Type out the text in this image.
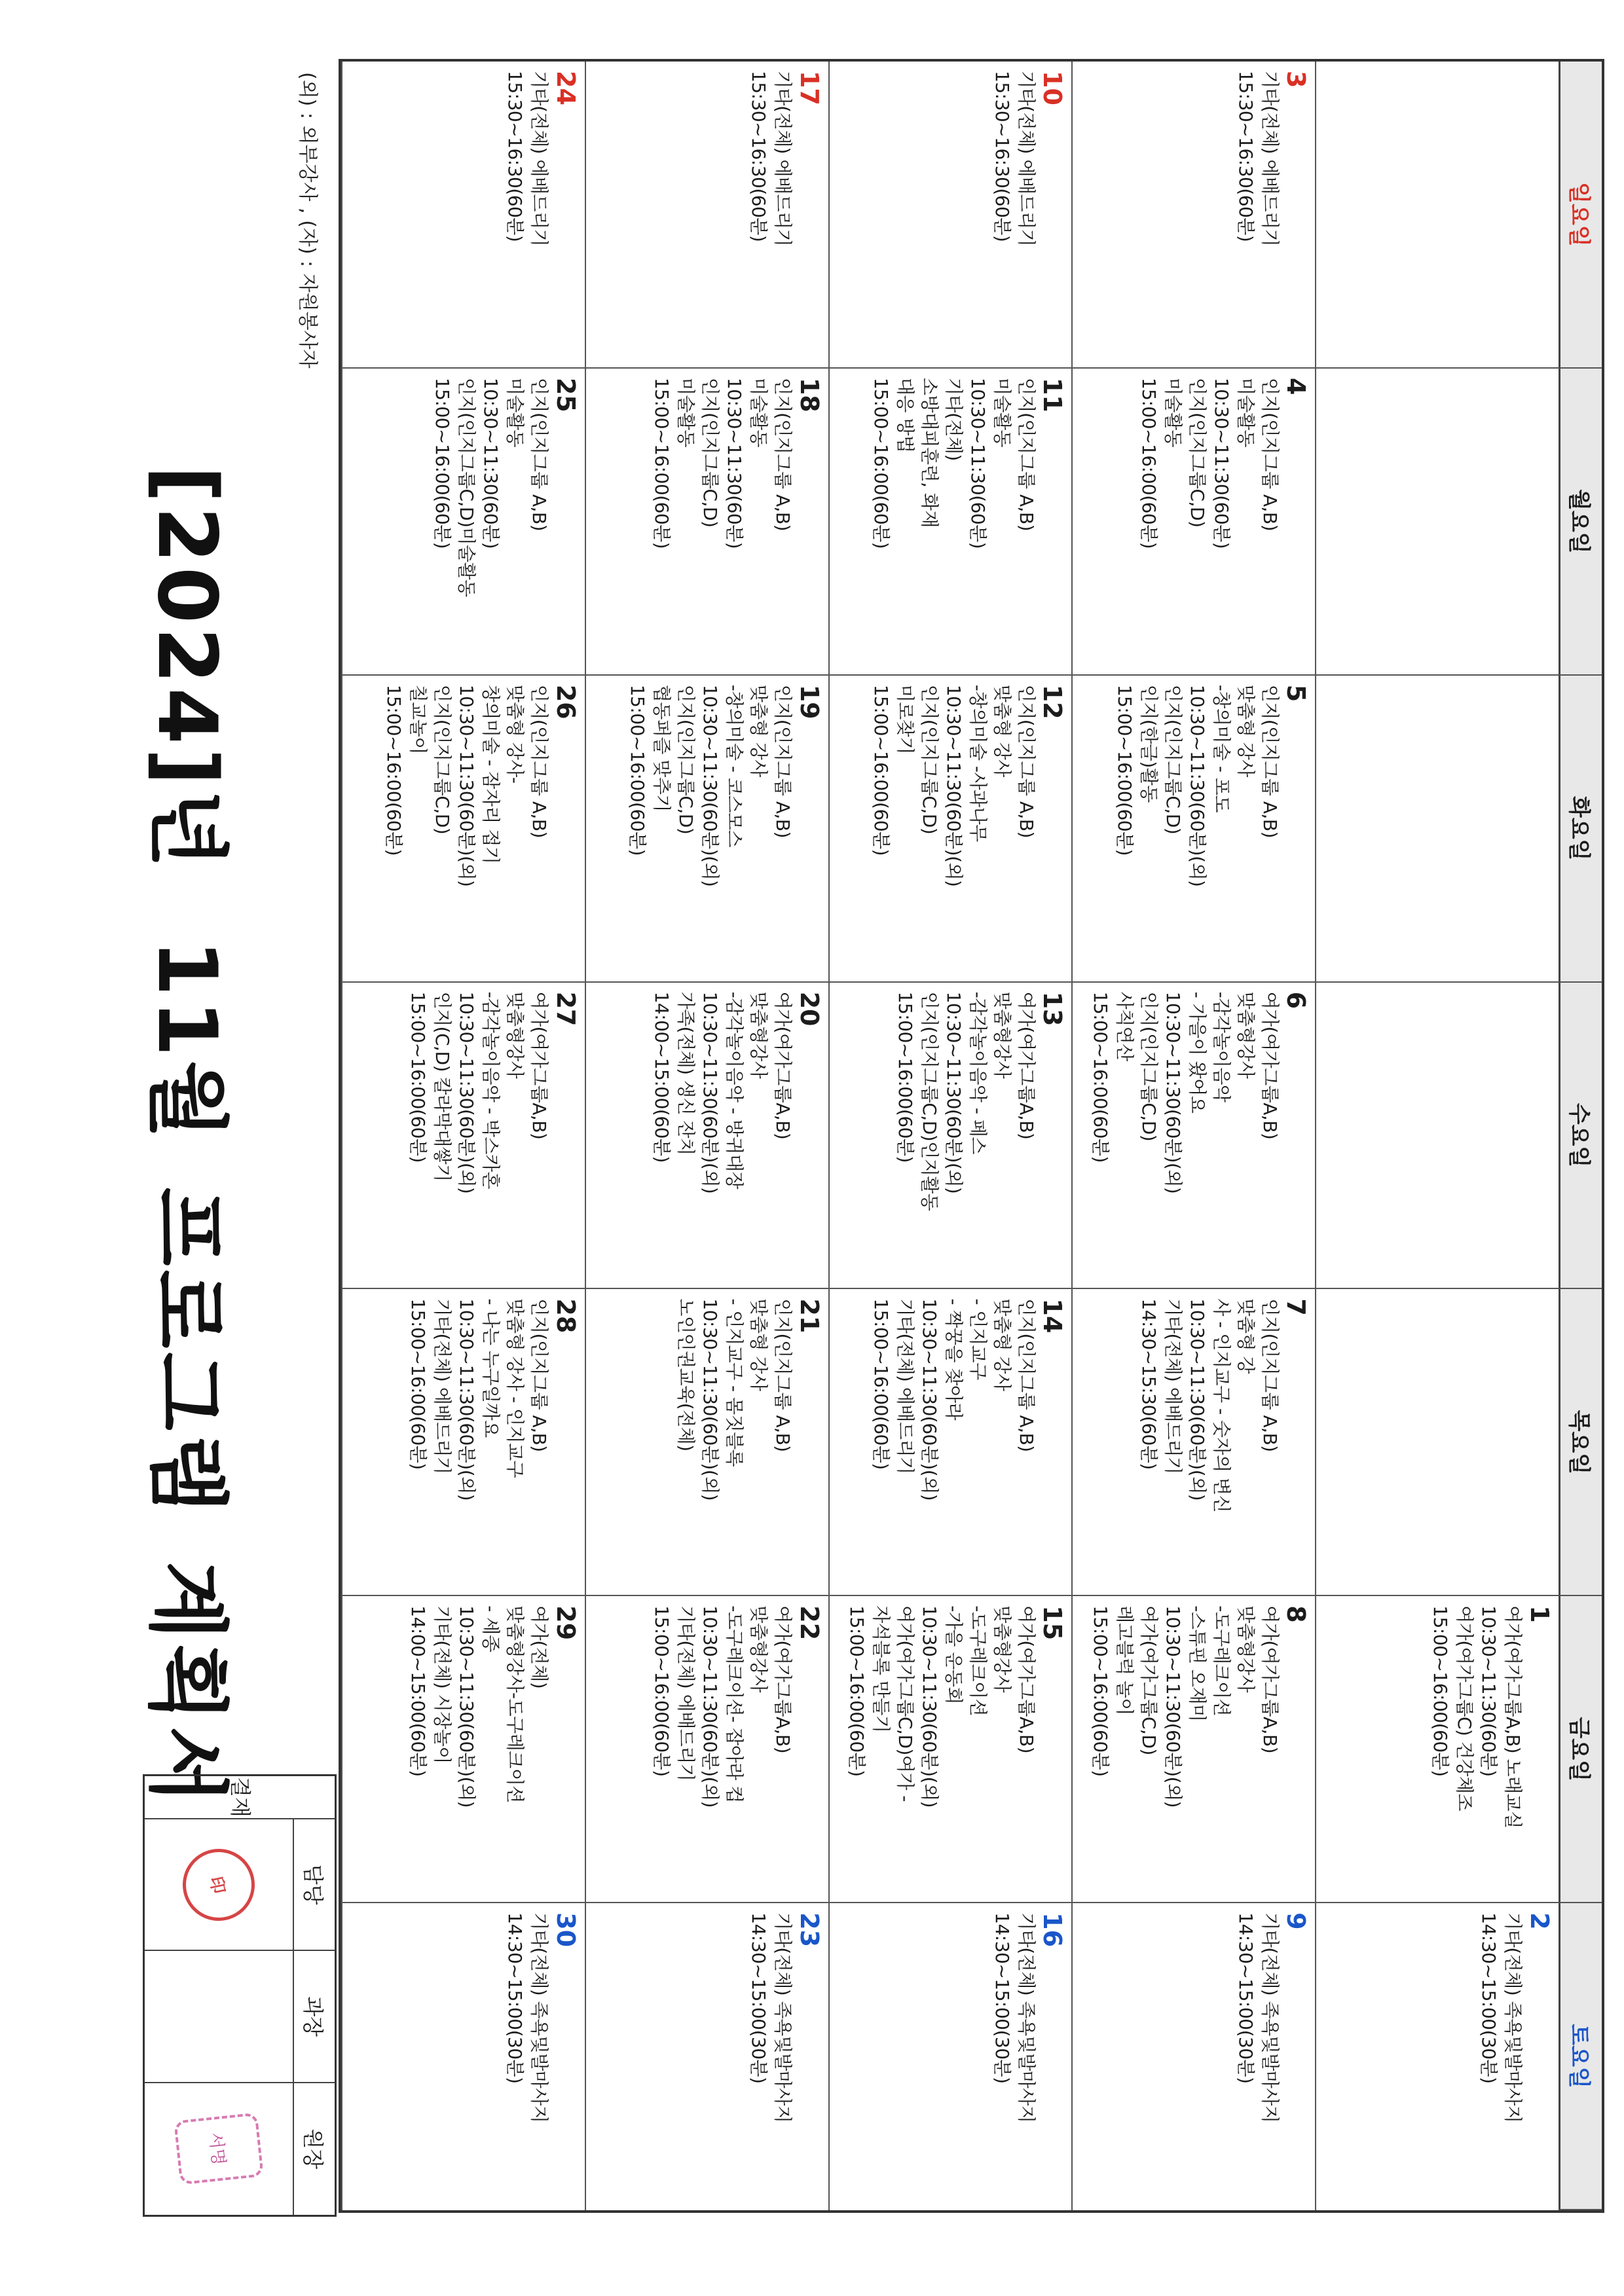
일요일
월요일
화요일
수요일
목요일
금요일
토요일
1
여가(여가그룹A,B) 노래교실
10:30~11:30(60분)
여가(여가그룹C) 건강체조
15:00~16:00(60분)
2
기타(전체) 족욕및발마사지
14:30~15:00(30분)
3
기타(전체) 에배드리기
15:30~16:30(60분)
4
인지(인지그룹 A,B)
미술활동
10:30~11:30(60분)
인지(인지그룹C,D)
미술활동
15:00~16:00(60분)
5
인지(인지그룹 A,B)
맞춤형 강사
-창의미술 - 포도
10:30~11:30(60분)(외)
인지(인지그룹C,D)
인지(한글)활동
15:00~16:00(60분)
6
여가(여가그룹A,B)
맞춤형강사
-감각놀이음악
- 가을이 왔어요
10:30~11:30(60분)(외)
인지(인지그룹C,D)
사칙연산
15:00~16:00(60분)
7
인지(인지그룹 A,B)
맞춤형 강
사 - 인지교구 - 숫자의 변신
10:30~11:30(60분)(외)
기타(전체) 에배드리기
14:30~15:30(60분)
8
여가(여가그룹A,B)
맞춤형강사
-도구레크이션
-스튜핀 오재미
10:30~11:30(60분)(외)
여가(여가그룹C,D)
레고블럭 놀이
15:00~16:00(60분)
9
기타(전체) 족욕및발마사지
14:30~15:00(30분)
10
기타(전체) 에배드리기
15:30~16:30(60분)
11
인지(인지그룹 A,B)
미술활동
10:30~11:30(60분)
기타(전체)
소방대피훈련, 화재
대응 방법
15:00~16:00(60분)
12
인지(인지그룹 A,B)
맞춤형 강사
-창의미술 -사과나무
10:30~11:30(60분)(외)
인지(인지그룹C,D)
미로찾기
15:00~16:00(60분)
13
여가(여가그룹A,B)
맞춤형강사
-감각놀이음악 - 페스
10:30~11:30(60분)(외)
인지(인지그룹C,D)인지활동
15:00~16:00(60분)
14
인지(인지그룹 A,B)
맞춤형 강사
- 인지교구
- 짝꿍을 찾아라
10:30~11:30(60분)(외)
기타(전체) 에배드리기
15:00~16:00(60분)
15
여가(여가그룹A,B)
맞춤형강사
-도구레크이션
-가을 운동회
10:30~11:30(60분)(외)
여가(여가그룹C,D)여가 -
자석블록 만들기
15:00~16:00(60분)
16
기타(전체) 족욕및발마사지
14:30~15:00(30분)
17
기타(전체) 에배드리기
15:30~16:30(60분)
18
인지(인지그룹 A,B)
미술활동
10:30~11:30(60분)
인지(인지그룹C,D)
미술활동
15:00~16:00(60분)
19
인지(인지그룹 A,B)
맞춤형 강사
-창의미술 - 코스모스
10:30~11:30(60분)(외)
인지(인지그룹C,D)
협동퍼즐 맞추기
15:00~16:00(60분)
20
여가(여가그룹A,B)
맞춤형강사
-감각놀이음악 - 방귀대장
10:30~11:30(60분)(외)
가족(전체) 생신 잔치
14:00~15:00(60분)
21
인지(인지그룹 A,B)
맞춤형 강사
- 인지교구 - 몸짓블록
10:30~11:30(60분)(외)
노인인권교육(전체)
22
여가(여가그룹A,B)
맞춤형강사
-도구레크이션- 잡아라 컵
10:30~11:30(60분)(외)
기타(전체) 에배드리기
15:00~16:00(60분)
23
기타(전체) 족욕및발마사지
14:30~15:00(30분)
24
기타(전체) 에배드리기
15:30~16:30(60분)
25
인지(인지그룹 A,B)
미술활동
10:30~11:30(60분)
인지(인지그룹C,D)미술활동
15:00~16:00(60분)
26
인지(인지그룹 A,B)
맞춤형 강사-
창의미술 - 잠자리 접기
10:30~11:30(60분)(외)
인지(인지그룹C,D)
칠교놀이
15:00~16:00(60분)
27
여가(여가그룹A,B)
맞춤형강사
-감각놀이음악 - 박스카혼
10:30~11:30(60분)(외)
인지(C,D) 칼라막대쌓기
15:00~16:00(60분)
28
인지(인지그룹 A,B)
맞춤형 강사 - 인지교구
- 나는 누구일까요
10:30~11:30(60분)(외)
기타(전체) 에배드리기
15:00~16:00(60분)
29
여가(전체)
맞춤형강사-도구레크이션
- 세종
10:30~11:30(60분)(외)
기타(전체) 시장놀이
14:00~15:00(60분)
30
기타(전체) 족욕및발마사지
14:30~15:00(30분)
(외) : 외부강사 , (자) : 자원봉사자
[2024]년11월프로그램계획서
결재
담당
과장
원장
印
서명
